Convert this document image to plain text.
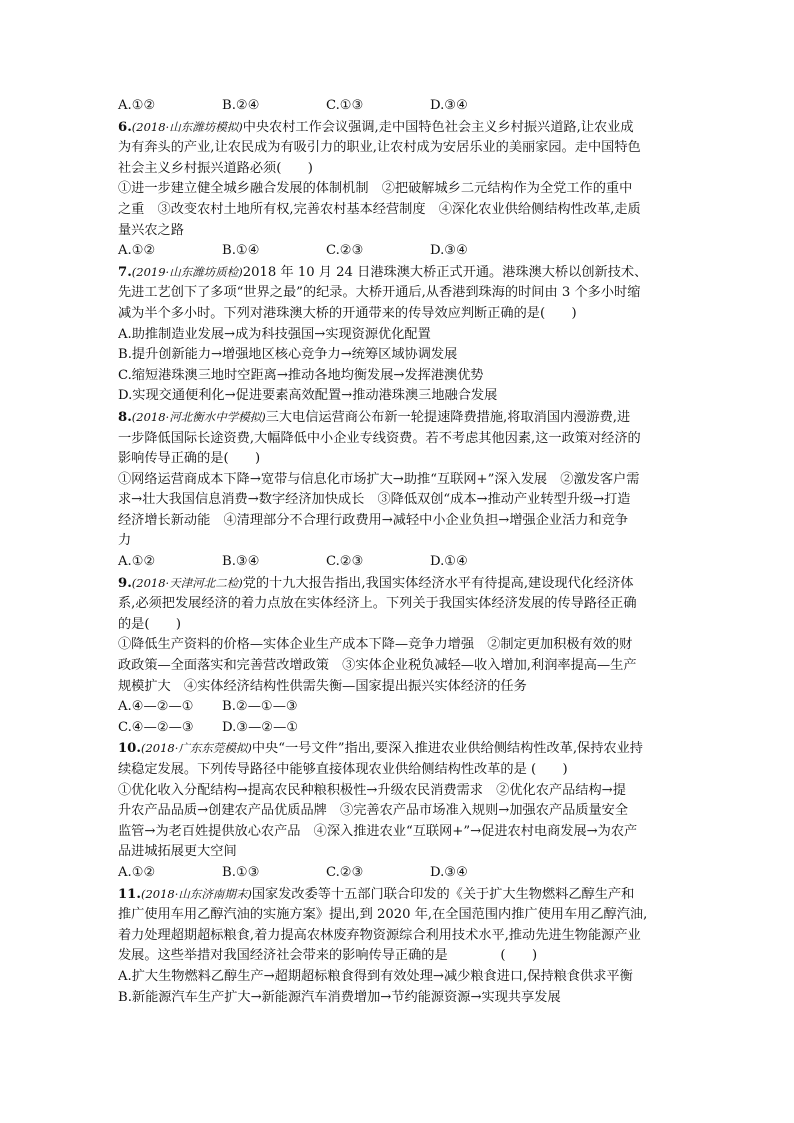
A.①②	B.②④	C.①③	D.③④
6.(2018·山东潍坊模拟)中央农村工作会议强调,走中国特色社会主义乡村振兴道路,让农业成
为有奔头的产业,让农民成为有吸引力的职业,让农村成为安居乐业的美丽家园。走中国特色
社会主义乡村振兴道路必须(　　)
①进一步建立健全城乡融合发展的体制机制　②把破解城乡二元结构作为全党工作的重中
之重　③改变农村土地所有权,完善农村基本经营制度　④深化农业供给侧结构性改革,走质
量兴农之路
A.①②	B.①④	C.②③	D.③④
7.(2019·山东潍坊质检)2018 年 10 月 24 日港珠澳大桥正式开通。港珠澳大桥以创新技术、
先进工艺创下了多项“世界之最”的纪录。大桥开通后,从香港到珠海的时间由 3 个多小时缩
减为半个多小时。下列对港珠澳大桥的开通带来的传导效应判断正确的是(　　)
A.助推制造业发展→成为科技强国→实现资源优化配置
B.提升创新能力→增强地区核心竞争力→统筹区域协调发展
C.缩短港珠澳三地时空距离→推动各地均衡发展→发挥港澳优势
D.实现交通便利化→促进要素高效配置→推动港珠澳三地融合发展
8.(2018·河北衡水中学模拟)三大电信运营商公布新一轮提速降费措施,将取消国内漫游费,进
一步降低国际长途资费,大幅降低中小企业专线资费。若不考虑其他因素,这一政策对经济的
影响传导正确的是(　　)
①网络运营商成本下降→宽带与信息化市场扩大→助推“互联网+”深入发展　②激发客户需
求→壮大我国信息消费→数字经济加快成长　③降低双创“成本→推动产业转型升级→打造
经济增长新动能　④清理部分不合理行政费用→减轻中小企业负担→增强企业活力和竞争
力
A.①②	B.③④	C.②③	D.①④
9.(2018·天津河北二检)党的十九大报告指出,我国实体经济水平有待提高,建设现代化经济体
系,必须把发展经济的着力点放在实体经济上。下列关于我国实体经济发展的传导路径正确
的是(　　)
①降低生产资料的价格—实体企业生产成本下降—竞争力增强　②制定更加积极有效的财
政政策—全面落实和完善营改增政策　③实体企业税负减轻—收入增加,利润率提高—生产
规模扩大　④实体经济结构性供需失衡—国家提出振兴实体经济的任务
A.④—②—①	B.②—①—③
C.④—②—③	D.③—②—①
10.(2018·广东东莞模拟)中央“一号文件”指出,要深入推进农业供给侧结构性改革,保持农业持
续稳定发展。下列传导路径中能够直接体现农业供给侧结构性改革的是 (　　)
①优化收入分配结构→提高农民种粮积极性→升级农民消费需求　②优化农产品结构→提
升农产品品质→创建农产品优质品牌　③完善农产品市场准入规则→加强农产品质量安全
监管→为老百姓提供放心农产品　④深入推进农业“互联网+”→促进农村电商发展→为农产
品进城拓展更大空间
A.①②	B.①③	C.②③	D.③④
11.(2018·山东济南期末)国家发改委等十五部门联合印发的《关于扩大生物燃料乙醇生产和
推广使用车用乙醇汽油的实施方案》提出,到 2020 年,在全国范围内推广使用车用乙醇汽油,
着力处理超期超标粮食,着力提高农林废弃物资源综合利用技术水平,推动先进生物能源产业
发展。这些举措对我国经济社会带来的影响传导正确的是　　　　(　　)
A.扩大生物燃料乙醇生产→超期超标粮食得到有效处理→减少粮食进口,保持粮食供求平衡
B.新能源汽车生产扩大→新能源汽车消费增加→节约能源资源→实现共享发展
